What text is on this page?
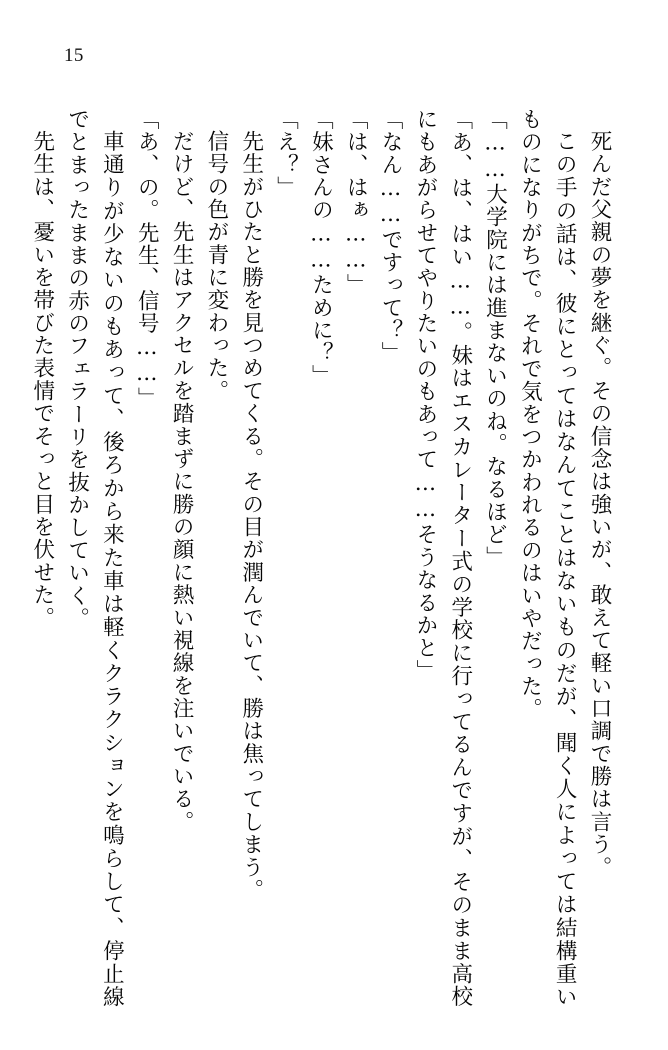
15

死んだ父親の夢を継ぐ。その信念は強いが、敢えて軽い口調で勝は言う。

この手の話は、彼にとってはなんてことはないものだが、聞く人によっては結構重いものになりがちで。それで気をつかわれるのはいやだった。

「……大学院には進まないのね。なるほど」

「あ、は、はい……。妹はエスカレーター式の学校に行ってるんですが、そのまま高校にもあがらせてやりたいのもあって……そうなるかと」

「なん……ですって？」

「は、はぁ……」

「妹さんの……ために？」

「え？」

先生がひたと勝を見つめてくる。その目が潤んでいて、勝は焦ってしまう。

信号の色が青に変わった。

だけど、先生はアクセルを踏まずに勝の顔に熱い視線を注いでいる。

「あ、の。先生、信号……」

車通りが少ないのもあって、後ろから来た車は軽くクラクションを鳴らして、停止線でとまったままの赤のフェラーリを抜かしていく。

先生は、憂いを帯びた表情でそっと目を伏せた。
